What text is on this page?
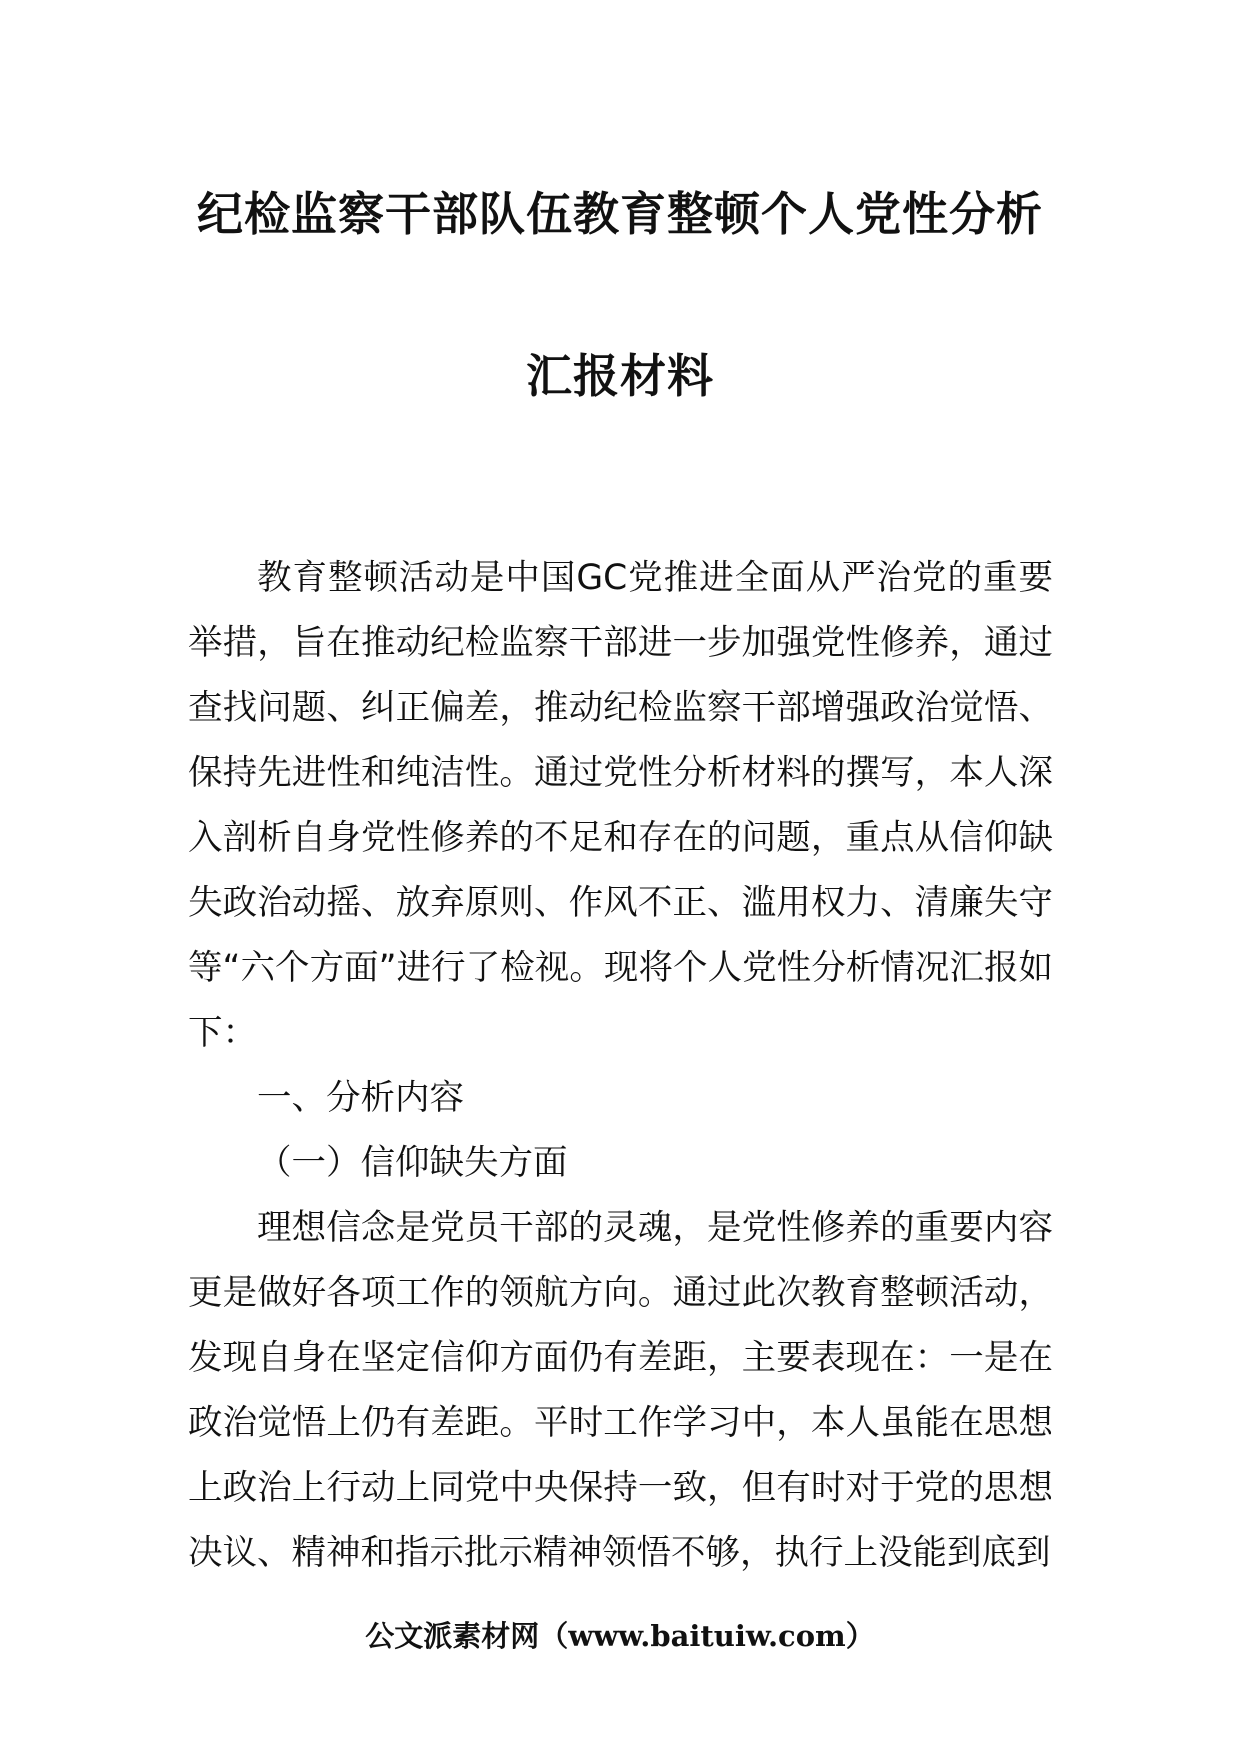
纪检监察干部队伍教育整顿个人党性分析
汇报材料

教育整顿活动是中国GC党推进全面从严治党的重要举措，旨在推动纪检监察干部进一步加强党性修养，通过查找问题、纠正偏差，推动纪检监察干部增强政治觉悟、保持先进性和纯洁性。通过党性分析材料的撰写，本人深入剖析自身党性修养的不足和存在的问题，重点从信仰缺失政治动摇、放弃原则、作风不正、滥用权力、清廉失守等“六个方面”进行了检视。现将个人党性分析情况汇报如下：

一、分析内容

（一）信仰缺失方面

理想信念是党员干部的灵魂，是党性修养的重要内容更是做好各项工作的领航方向。通过此次教育整顿活动，发现自身在坚定信仰方面仍有差距，主要表现在：一是在政治觉悟上仍有差距。平时工作学习中，本人虽能在思想上政治上行动上同党中央保持一致，但有时对于党的思想决议、精神和指示批示精神领悟不够，执行上没能到底到

公文派素材网（www.baituiw.com）
